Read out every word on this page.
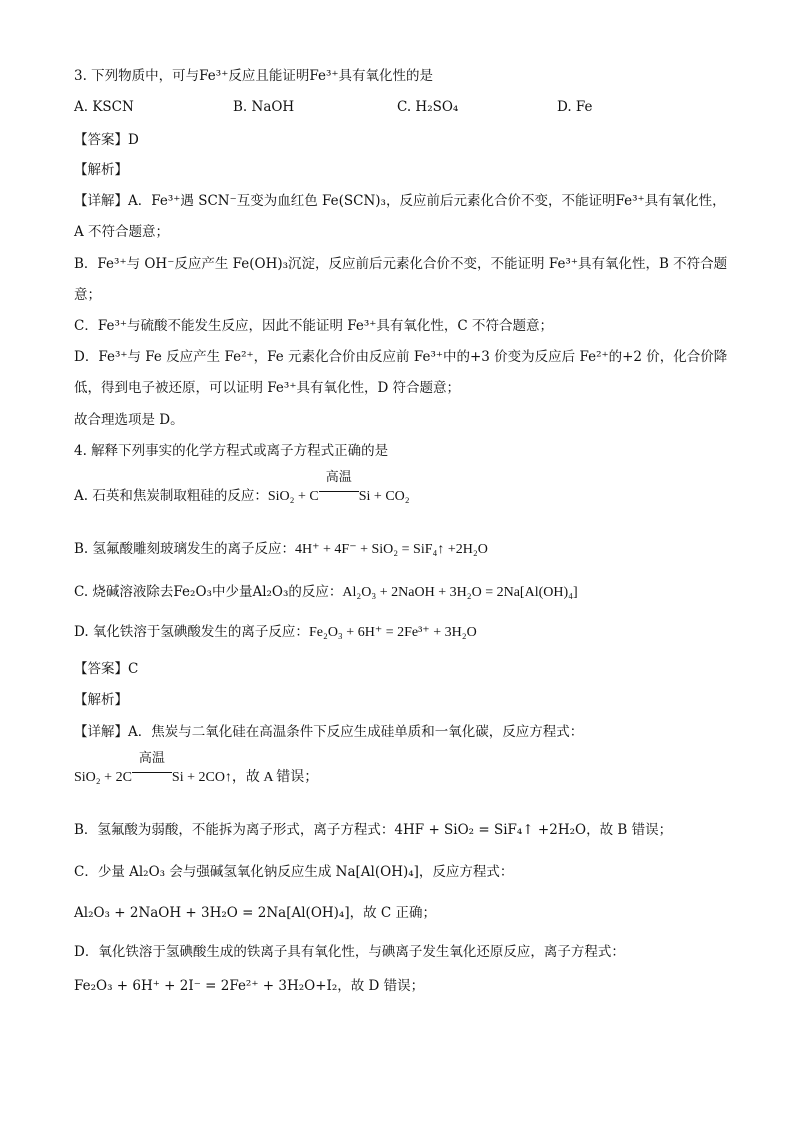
3. 下列物质中，可与Fe³⁺反应且能证明Fe³⁺具有氧化性的是
A. KSCN	B. NaOH	C. H₂SO₄	D. Fe
【答案】D
【解析】
【详解】A．Fe³⁺遇 SCN⁻互变为血红色 Fe(SCN)₃，反应前后元素化合价不变，不能证明Fe³⁺具有氧化性，
A 不符合题意；
B．Fe³⁺与 OH⁻反应产生 Fe(OH)₃沉淀，反应前后元素化合价不变，不能证明 Fe³⁺具有氧化性，B 不符合题
意；
C．Fe³⁺与硫酸不能发生反应，因此不能证明 Fe³⁺具有氧化性，C 不符合题意；
D．Fe³⁺与 Fe 反应产生 Fe²⁺，Fe 元素化合价由反应前 Fe³⁺中的+3 价变为反应后 Fe²⁺的+2 价，化合价降
低，得到电子被还原，可以证明 Fe³⁺具有氧化性，D 符合题意；
故合理选项是 D。
4. 解释下列事实的化学方程式或离子方程式正确的是
A. 石英和焦炭制取粗硅的反应：SiO₂ + C
高温
Si + CO₂
B. 氢氟酸雕刻玻璃发生的离子反应：4H⁺ + 4F⁻ + SiO₂ = SiF₄↑ +2H₂O
C. 烧碱溶液除去Fe₂O₃中少量Al₂O₃的反应：Al₂O₃ + 2NaOH + 3H₂O = 2Na[Al(OH)₄]
D. 氧化铁溶于氢碘酸发生的离子反应：Fe₂O₃ + 6H⁺ = 2Fe³⁺ + 3H₂O
【答案】C
【解析】
【详解】A．焦炭与二氧化硅在高温条件下反应生成硅单质和一氧化碳，反应方程式：
SiO₂ + 2C
高温
Si + 2CO↑，故 A 错误；
B．氢氟酸为弱酸，不能拆为离子形式，离子方程式：4HF + SiO₂ = SiF₄↑ +2H₂O，故 B 错误；
C．少量 Al₂O₃ 会与强碱氢氧化钠反应生成 Na[Al(OH)₄]，反应方程式：
Al₂O₃ + 2NaOH + 3H₂O = 2Na[Al(OH)₄]，故 C 正确；
D．氧化铁溶于氢碘酸生成的铁离子具有氧化性，与碘离子发生氧化还原反应，离子方程式：
Fe₂O₃ + 6H⁺ + 2I⁻ = 2Fe²⁺ + 3H₂O+I₂，故 D 错误；
